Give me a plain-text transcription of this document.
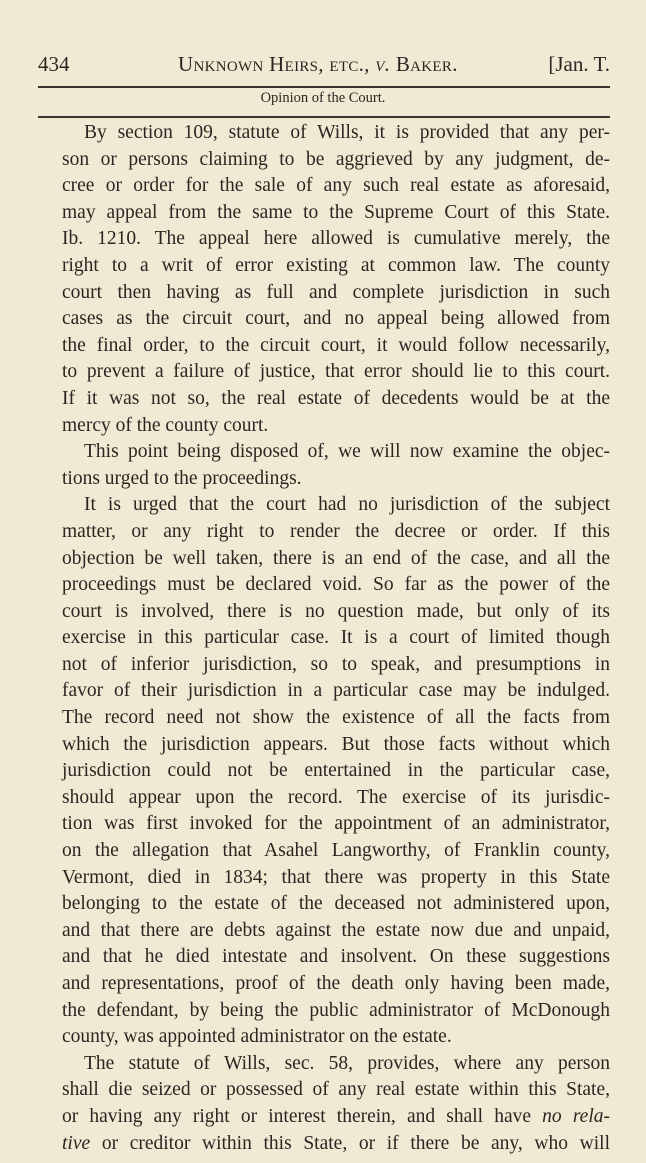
434	Unknown Heirs, etc., v. Baker.	[Jan. T.
Opinion of the Court.
By section 109, statute of Wills, it is provided that any per-
son or persons claiming to be aggrieved by any judgment, de-
cree or order for the sale of any such real estate as aforesaid,
may appeal from the same to the Supreme Court of this State.
Ib. 1210. The appeal here allowed is cumulative merely, the
right to a writ of error existing at common law. The county
court then having as full and complete jurisdiction in such
cases as the circuit court, and no appeal being allowed from
the final order, to the circuit court, it would follow necessarily,
to prevent a failure of justice, that error should lie to this court.
If it was not so, the real estate of decedents would be at the
mercy of the county court.
This point being disposed of, we will now examine the objec-
tions urged to the proceedings.
It is urged that the court had no jurisdiction of the subject
matter, or any right to render the decree or order. If this
objection be well taken, there is an end of the case, and all the
proceedings must be declared void. So far as the power of the
court is involved, there is no question made, but only of its
exercise in this particular case. It is a court of limited though
not of inferior jurisdiction, so to speak, and presumptions in
favor of their jurisdiction in a particular case may be indulged.
The record need not show the existence of all the facts from
which the jurisdiction appears. But those facts without which
jurisdiction could not be entertained in the particular case,
should appear upon the record. The exercise of its jurisdic-
tion was first invoked for the appointment of an administrator,
on the allegation that Asahel Langworthy, of Franklin county,
Vermont, died in 1834; that there was property in this State
belonging to the estate of the deceased not administered upon,
and that there are debts against the estate now due and unpaid,
and that he died intestate and insolvent. On these suggestions
and representations, proof of the death only having been made,
the defendant, by being the public administrator of McDonough
county, was appointed administrator on the estate.
The statute of Wills, sec. 58, provides, where any person
shall die seized or possessed of any real estate within this State,
or having any right or interest therein, and shall have no rela-
tive or creditor within this State, or if there be any, who will
